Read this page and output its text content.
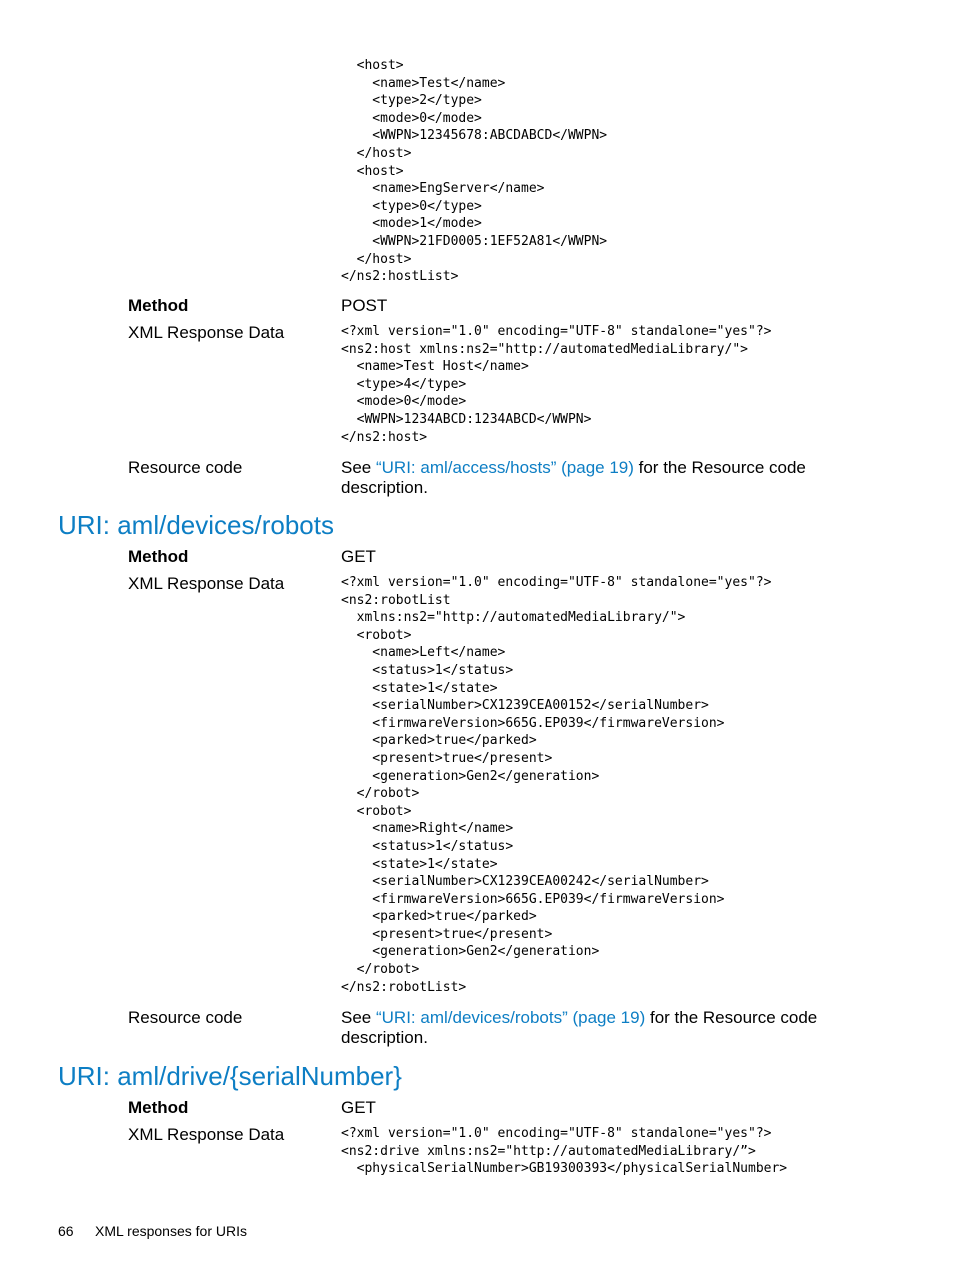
<host>
<name>Test</name>
<type>2</type>
<mode>0</mode>
<WWPN>12345678:ABCDABCD</WWPN>
</host>
<host>
<name>EngServer</name>
<type>0</type>
<mode>1</mode>
<WWPN>21FD0005:1EF52A81</WWPN>
</host>
</ns2:hostList>
Method	POST
XML Response Data	<?xml version="1.0" encoding="UTF-8" standalone="yes"?>
<ns2:host xmlns:ns2="http://automatedMediaLibrary/">
<name>Test Host</name>
<type>4</type>
<mode>0</mode>
<WWPN>1234ABCD:1234ABCD</WWPN>
</ns2:host>
Resource code	See “URI: aml/access/hosts” (page 19) for the Resource code description.
URI: aml/devices/robots
Method	GET
XML Response Data	<?xml version="1.0" encoding="UTF-8" standalone="yes"?>
<ns2:robotList
xmlns:ns2="http://automatedMediaLibrary/">
<robot>
<name>Left</name>
<status>1</status>
<state>1</state>
<serialNumber>CX1239CEA00152</serialNumber>
<firmwareVersion>665G.EP039</firmwareVersion>
<parked>true</parked>
<present>true</present>
<generation>Gen2</generation>
</robot>
<robot>
<name>Right</name>
<status>1</status>
<state>1</state>
<serialNumber>CX1239CEA00242</serialNumber>
<firmwareVersion>665G.EP039</firmwareVersion>
<parked>true</parked>
<present>true</present>
<generation>Gen2</generation>
</robot>
</ns2:robotList>
Resource code	See “URI: aml/devices/robots” (page 19) for the Resource code description.
URI: aml/drive/{serialNumber}
Method	GET
XML Response Data	<?xml version="1.0" encoding="UTF-8" standalone="yes"?>
<ns2:drive xmlns:ns2="http://automatedMediaLibrary/”>
<physicalSerialNumber>GB19300393</physicalSerialNumber>
66 XML responses for URIs
